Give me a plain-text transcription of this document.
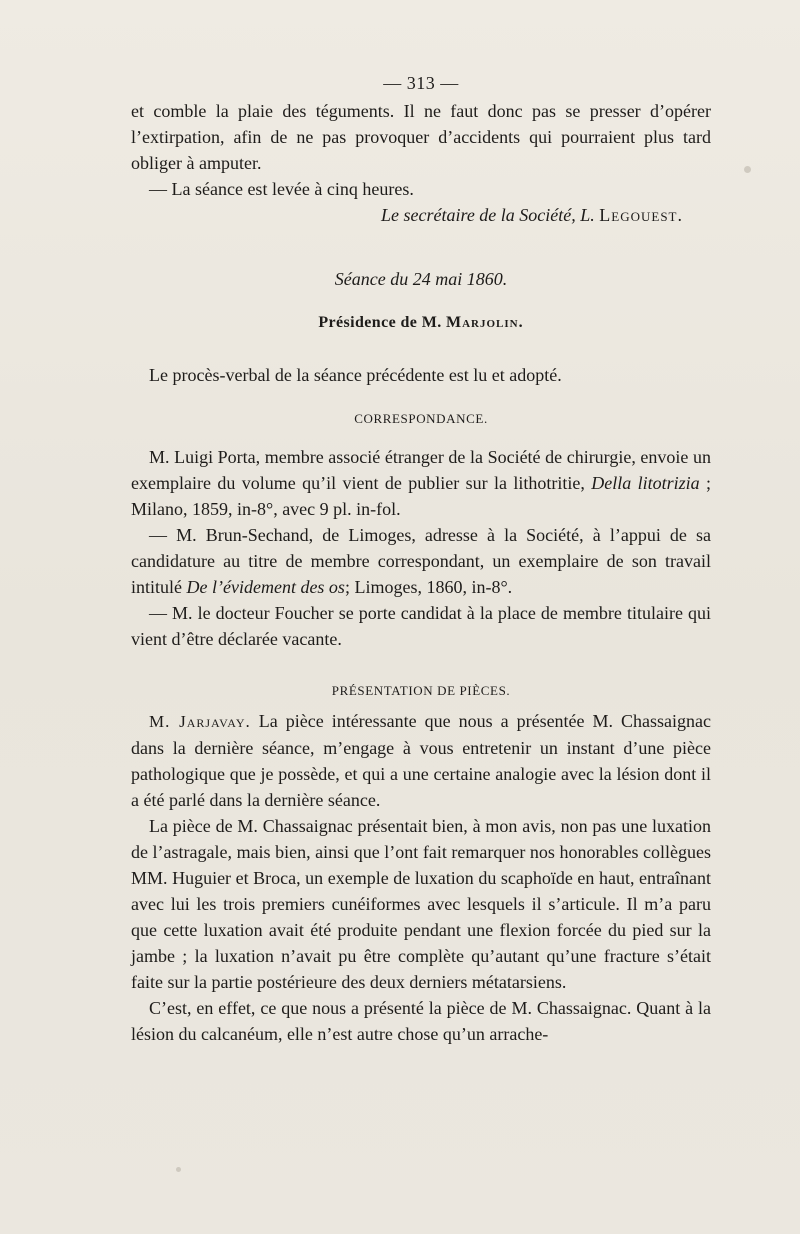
— 313 —

et comble la plaie des téguments. Il ne faut donc pas se presser d’opérer l’extirpation, afin de ne pas provoquer d’accidents qui pourraient plus tard obliger à amputer.

— La séance est levée à cinq heures.

Le secrétaire de la Société, L. Legouest.

Séance du 24 mai 1860.
Présidence de M. Marjolin.

Le procès-verbal de la séance précédente est lu et adopté.

CORRESPONDANCE.

M. Luigi Porta, membre associé étranger de la Société de chirurgie, envoie un exemplaire du volume qu’il vient de publier sur la lithotritie, Della litotrizia ; Milano, 1859, in-8°, avec 9 pl. in-fol.

— M. Brun-Sechand, de Limoges, adresse à la Société, à l’appui de sa candidature au titre de membre correspondant, un exemplaire de son travail intitulé De l’évidement des os; Limoges, 1860, in-8°.

— M. le docteur Foucher se porte candidat à la place de membre titulaire qui vient d’être déclarée vacante.

PRÉSENTATION DE PIÈCES.

M. Jarjavay. La pièce intéressante que nous a présentée M. Chassaignac dans la dernière séance, m’engage à vous entretenir un instant d’une pièce pathologique que je possède, et qui a une certaine analogie avec la lésion dont il a été parlé dans la dernière séance.

La pièce de M. Chassaignac présentait bien, à mon avis, non pas une luxation de l’astragale, mais bien, ainsi que l’ont fait remarquer nos honorables collègues MM. Huguier et Broca, un exemple de luxation du scaphoïde en haut, entraînant avec lui les trois premiers cunéiformes avec lesquels il s’articule. Il m’a paru que cette luxation avait été produite pendant une flexion forcée du pied sur la jambe ; la luxation n’avait pu être complète qu’autant qu’une fracture s’était faite sur la partie postérieure des deux derniers métatarsiens.

C’est, en effet, ce que nous a présenté la pièce de M. Chassaignac. Quant à la lésion du calcanéum, elle n’est autre chose qu’un arrache-
